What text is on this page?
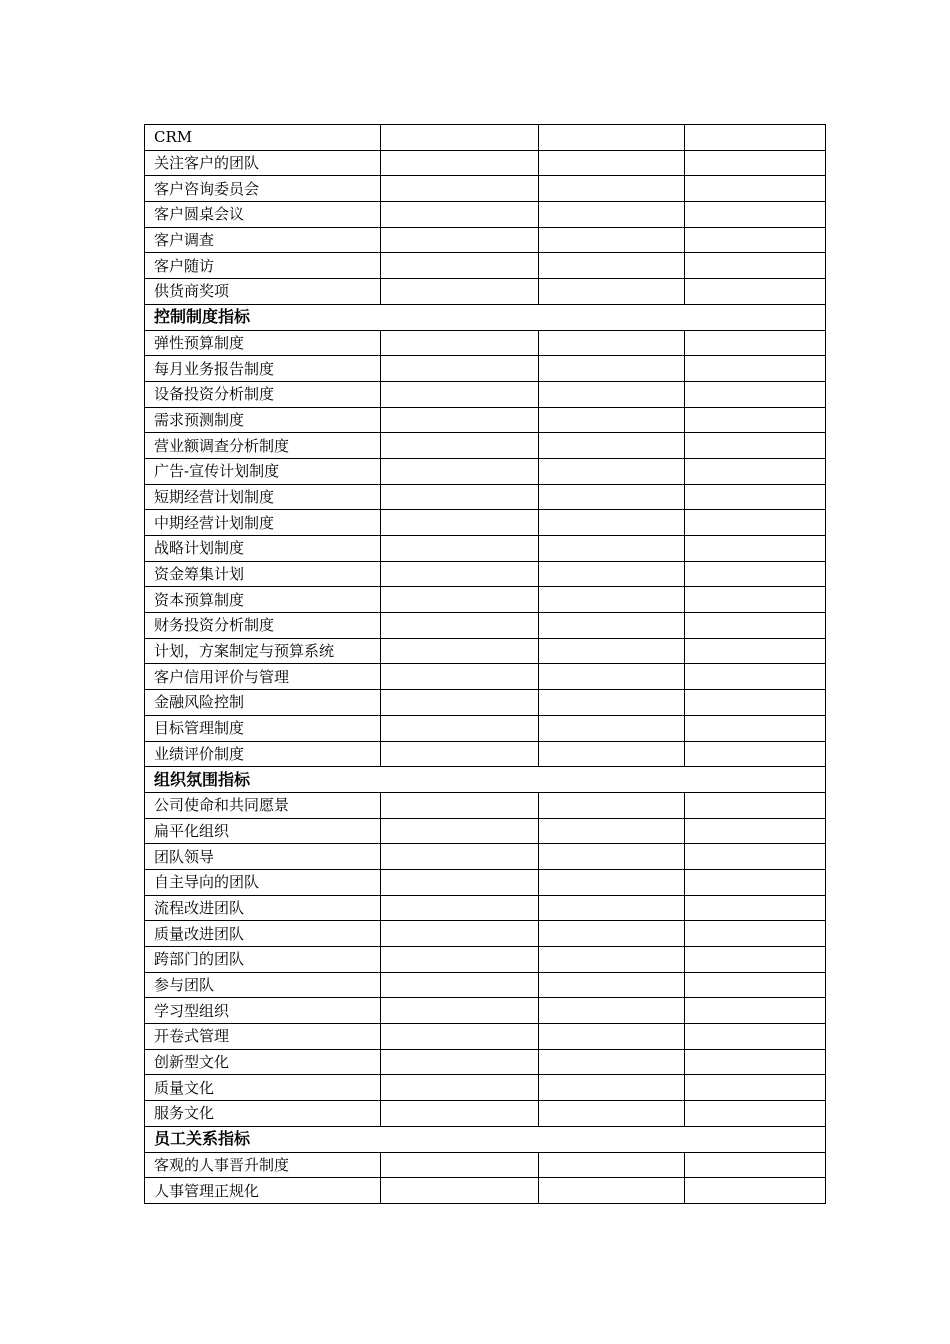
CRM			
关注客户的团队			
客户咨询委员会			
客户圆桌会议			
客户调查			
客户随访			
供货商奖项			
控制制度指标			
弹性预算制度			
每月业务报告制度			
设备投资分析制度			
需求预测制度			
营业额调查分析制度			
广告-宣传计划制度			
短期经营计划制度			
中期经营计划制度			
战略计划制度			
资金筹集计划			
资本预算制度			
财务投资分析制度			
计划，方案制定与预算系统			
客户信用评价与管理			
金融风险控制			
目标管理制度			
业绩评价制度			
组织氛围指标			
公司使命和共同愿景			
扁平化组织			
团队领导			
自主导向的团队			
流程改进团队			
质量改进团队			
跨部门的团队			
参与团队			
学习型组织			
开卷式管理			
创新型文化			
质量文化			
服务文化			
员工关系指标			
客观的人事晋升制度			
人事管理正规化			
